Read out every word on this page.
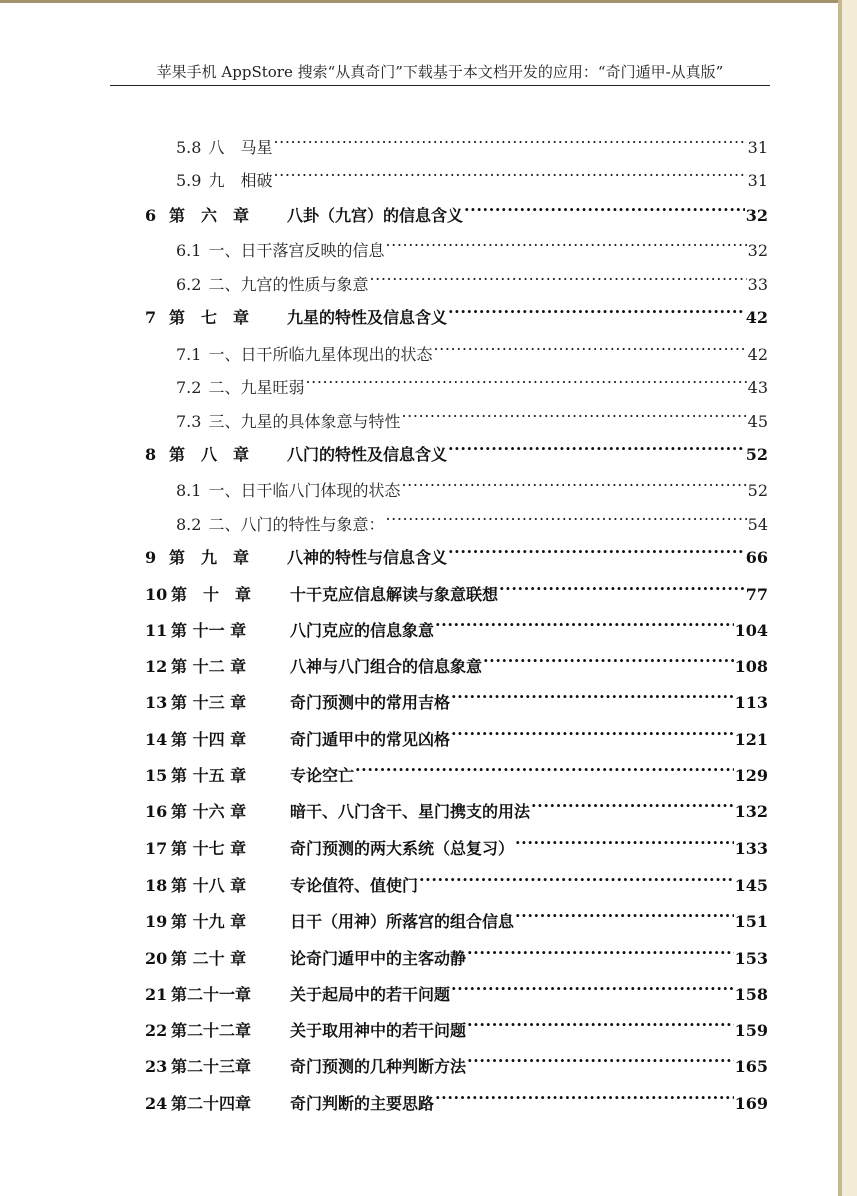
苹果手机 AppStore 搜索“从真奇门”下载基于本文档开发的应用：“奇门遁甲-从真版”
5.8 八　马星 .....	31
5.9 九　相破 .....	31
6 第　六　章	八卦（九宫）的信息含义 .....	32
6.1 一、日干落宫反映的信息 .....	32
6.2 二、九宫的性质与象意 .....	33
7 第　七　章	九星的特性及信息含义 .....	42
7.1 一、日干所临九星体现出的状态 .....	42
7.2 二、九星旺弱 .....	43
7.3 三、九星的具体象意与特性 .....	45
8 第　八　章	八门的特性及信息含义 .....	52
8.1 一、日干临八门体现的状态 .....	52
8.2 二、八门的特性与象意： .....	54
9 第　九　章	八神的特性与信息含义 .....	66
10 第　十　章	十干克应信息解读与象意联想 .....	77
11 第 十一 章	八门克应的信息象意 .....	104
12 第 十二 章	八神与八门组合的信息象意 .....	108
13 第 十三 章	奇门预测中的常用吉格 .....	113
14 第 十四 章	奇门遁甲中的常见凶格 .....	121
15 第 十五 章	专论空亡 .....	129
16 第 十六 章	暗干、八门含干、星门携支的用法 .....	132
17 第 十七 章	奇门预测的两大系统（总复习） .....	133
18 第 十八 章	专论值符、值使门 .....	145
19 第 十九 章	日干（用神）所落宫的组合信息 .....	151
20 第 二十 章	论奇门遁甲中的主客动静 .....	153
21 第二十一章	关于起局中的若干问题 .....	158
22 第二十二章	关于取用神中的若干问题 .....	159
23 第二十三章	奇门预测的几种判断方法 .....	165
24 第二十四章	奇门判断的主要思路 .....	169
